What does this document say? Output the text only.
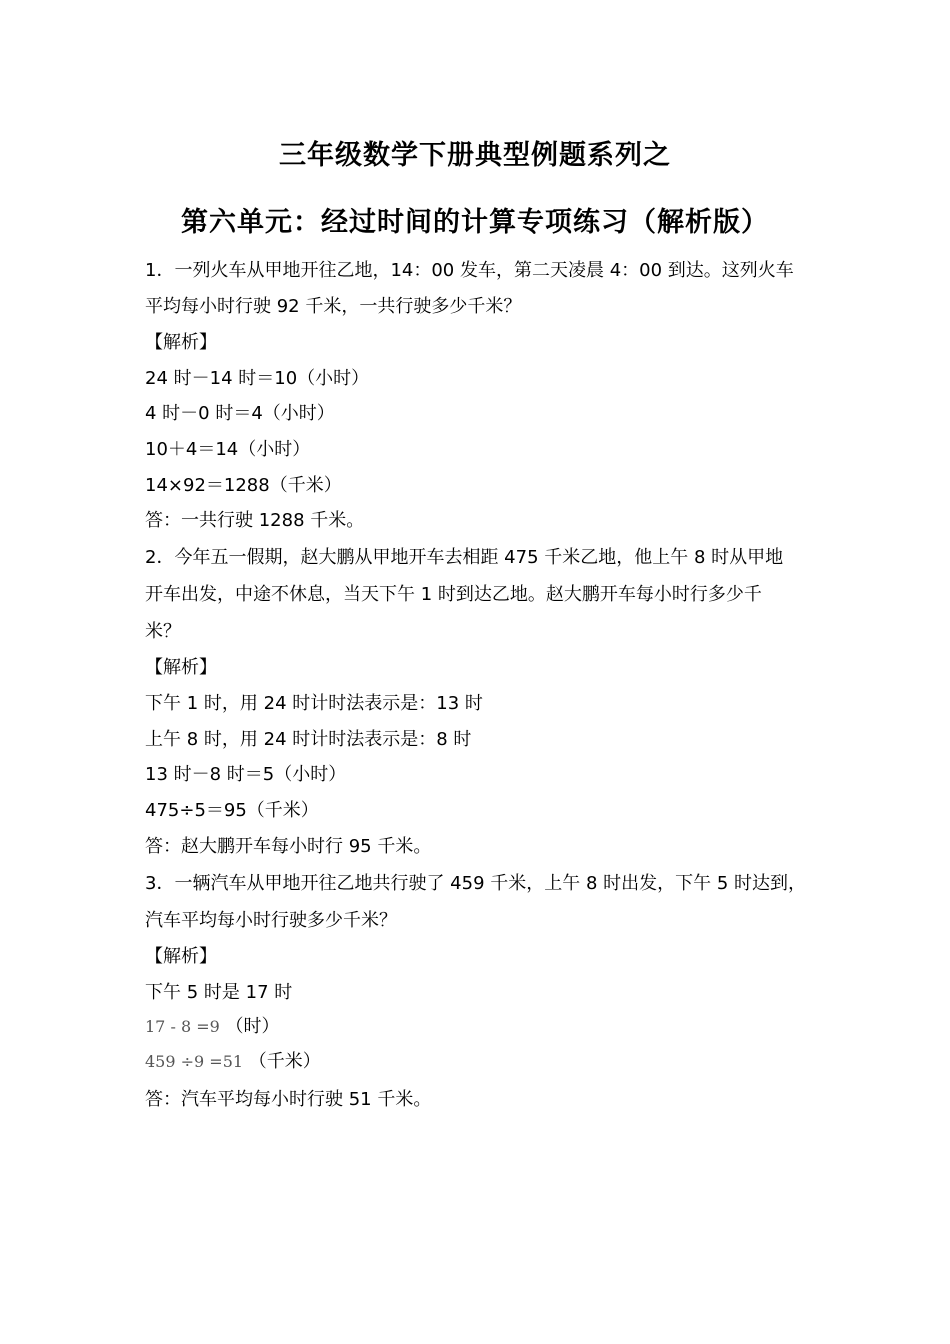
三年级数学下册典型例题系列之
第六单元：经过时间的计算专项练习（解析版）
1．一列火车从甲地开往乙地，14：00 发车，第二天凌晨 4：00 到达。这列火车
平均每小时行驶 92 千米，一共行驶多少千米？
【解析】
24 时－14 时＝10（小时）
4 时－0 时＝4（小时）
10＋4＝14（小时）
14×92＝1288（千米）
答：一共行驶 1288 千米。
2．今年五一假期，赵大鹏从甲地开车去相距 475 千米乙地，他上午 8 时从甲地
开车出发，中途不休息，当天下午 1 时到达乙地。赵大鹏开车每小时行多少千
米？
【解析】
下午 1 时，用 24 时计时法表示是：13 时
上午 8 时，用 24 时计时法表示是：8 时
13 时－8 时＝5（小时）
475÷5＝95（千米）
答：赵大鹏开车每小时行 95 千米。
3．一辆汽车从甲地开往乙地共行驶了 459 千米，上午 8 时出发，下午 5 时达到，
汽车平均每小时行驶多少千米？
【解析】
下午 5 时是 17 时
17 - 8 =9 （时）
459 ÷9 =51 （千米）
答：汽车平均每小时行驶 51 千米。
